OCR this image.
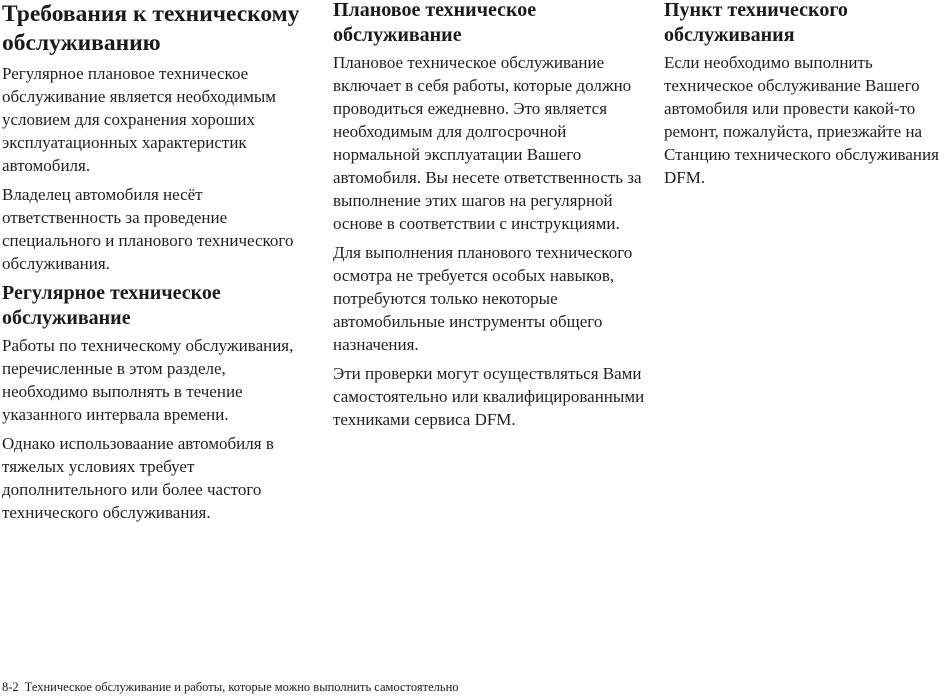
Требования к техническому обслуживанию

Регулярное плановое техническое обслуживание является необходимым условием для сохранения хороших эксплуатационных характеристик автомобиля.

Владелец автомобиля несёт ответственность за проведение специального и планового технического обслуживания.

Регулярное техническое обслуживание

Работы по техническому обслуживания, перечисленные в этом разделе, необходимо выполнять в течение указанного интервала времени.

Однако использоваание автомобиля в тяжелых условиях требует дополнительного или более частого технического обслуживания.

Плановое техническое обслуживание

Плановое техническое обслуживание включает в себя работы, которые должно проводиться ежедневно. Это является необходимым для долгосрочной нормальной эксплуатации Вашего автомобиля. Вы несете ответственность за выполнение этих шагов на регулярной основе в соответствии с инструкциями.

Для выполнения планового технического осмотра не требуется особых навыков, потребуются только некоторые автомобильные инструменты общего назначения.

Эти проверки могут осуществляться Вами самостоятельно или квалифицированными техниками сервиса DFM.

Пункт технического обслуживания

Если необходимо выполнить техническое обслуживание Вашего автомобиля или провести какой-то ремонт, пожалуйста, приезжайте на Станцию технического обслуживания DFM.

8-2 Техническое обслуживание и работы, которые можно выполнить самостоятельно
